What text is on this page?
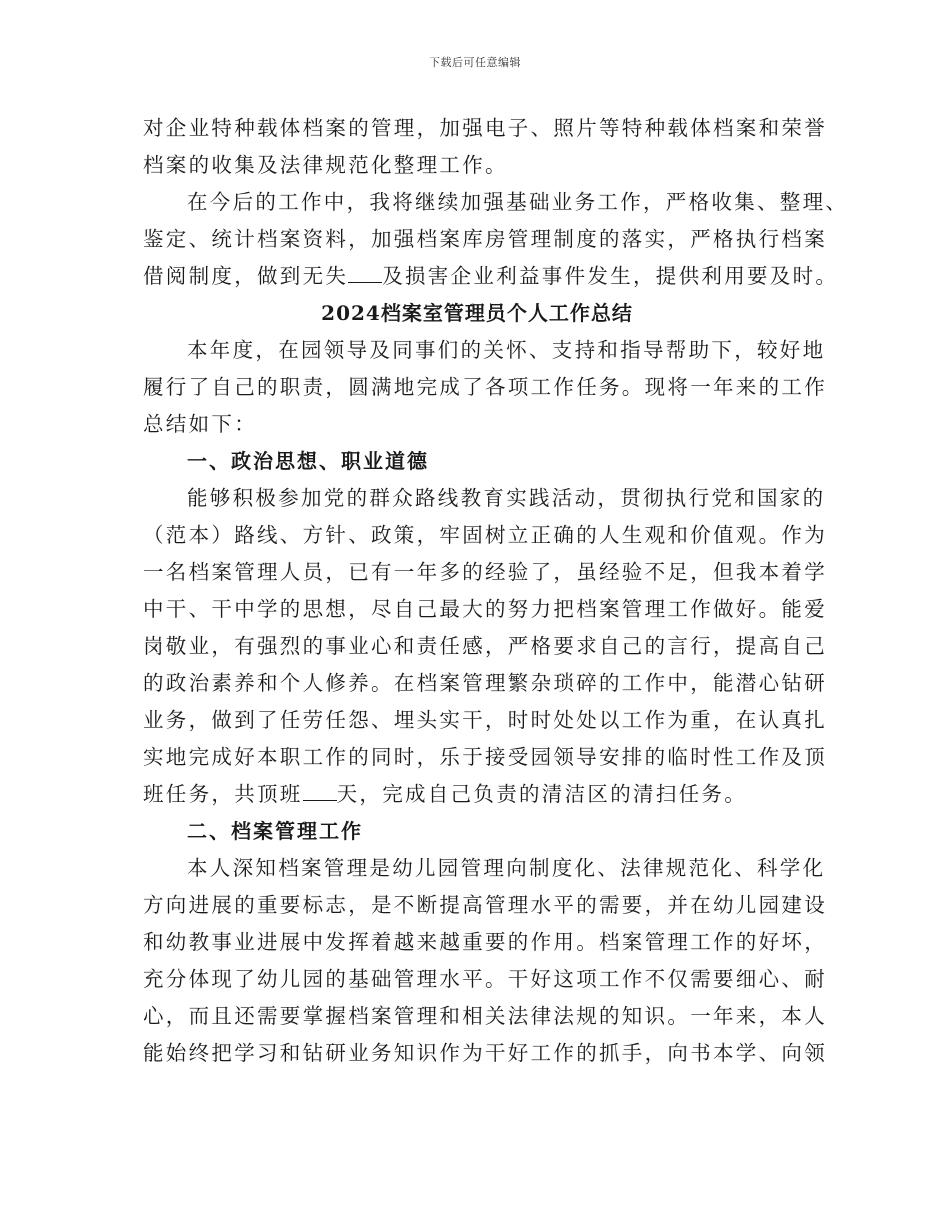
下载后可任意编辑
对企业特种载体档案的管理，加强电子、照片等特种载体档案和荣誉
档案的收集及法律规范化整理工作。
在今后的工作中，我将继续加强基础业务工作，严格收集、整理、
鉴定、统计档案资料，加强档案库房管理制度的落实，严格执行档案
借阅制度，做到无失 及损害企业利益事件发生，提供利用要及时。
2024档案室管理员个人工作总结
本年度，在园领导及同事们的关怀、支持和指导帮助下，较好地
履行了自己的职责，圆满地完成了各项工作任务。现将一年来的工作
总结如下：
一、政治思想、职业道德
能够积极参加党的群众路线教育实践活动，贯彻执行党和国家的
（范本）路线、方针、政策，牢固树立正确的人生观和价值观。作为
一名档案管理人员，已有一年多的经验了，虽经验不足，但我本着学
中干、干中学的思想，尽自己最大的努力把档案管理工作做好。能爱
岗敬业，有强烈的事业心和责任感，严格要求自己的言行，提高自己
的政治素养和个人修养。在档案管理繁杂琐碎的工作中，能潜心钻研
业务，做到了任劳任怨、埋头实干，时时处处以工作为重，在认真扎
实地完成好本职工作的同时，乐于接受园领导安排的临时性工作及顶
班任务，共顶班 天，完成自己负责的清洁区的清扫任务。
二、档案管理工作
本人深知档案管理是幼儿园管理向制度化、法律规范化、科学化
方向进展的重要标志，是不断提高管理水平的需要，并在幼儿园建设
和幼教事业进展中发挥着越来越重要的作用。档案管理工作的好坏，
充分体现了幼儿园的基础管理水平。干好这项工作不仅需要细心、耐
心，而且还需要掌握档案管理和相关法律法规的知识。一年来，本人
能始终把学习和钻研业务知识作为干好工作的抓手，向书本学、向领
